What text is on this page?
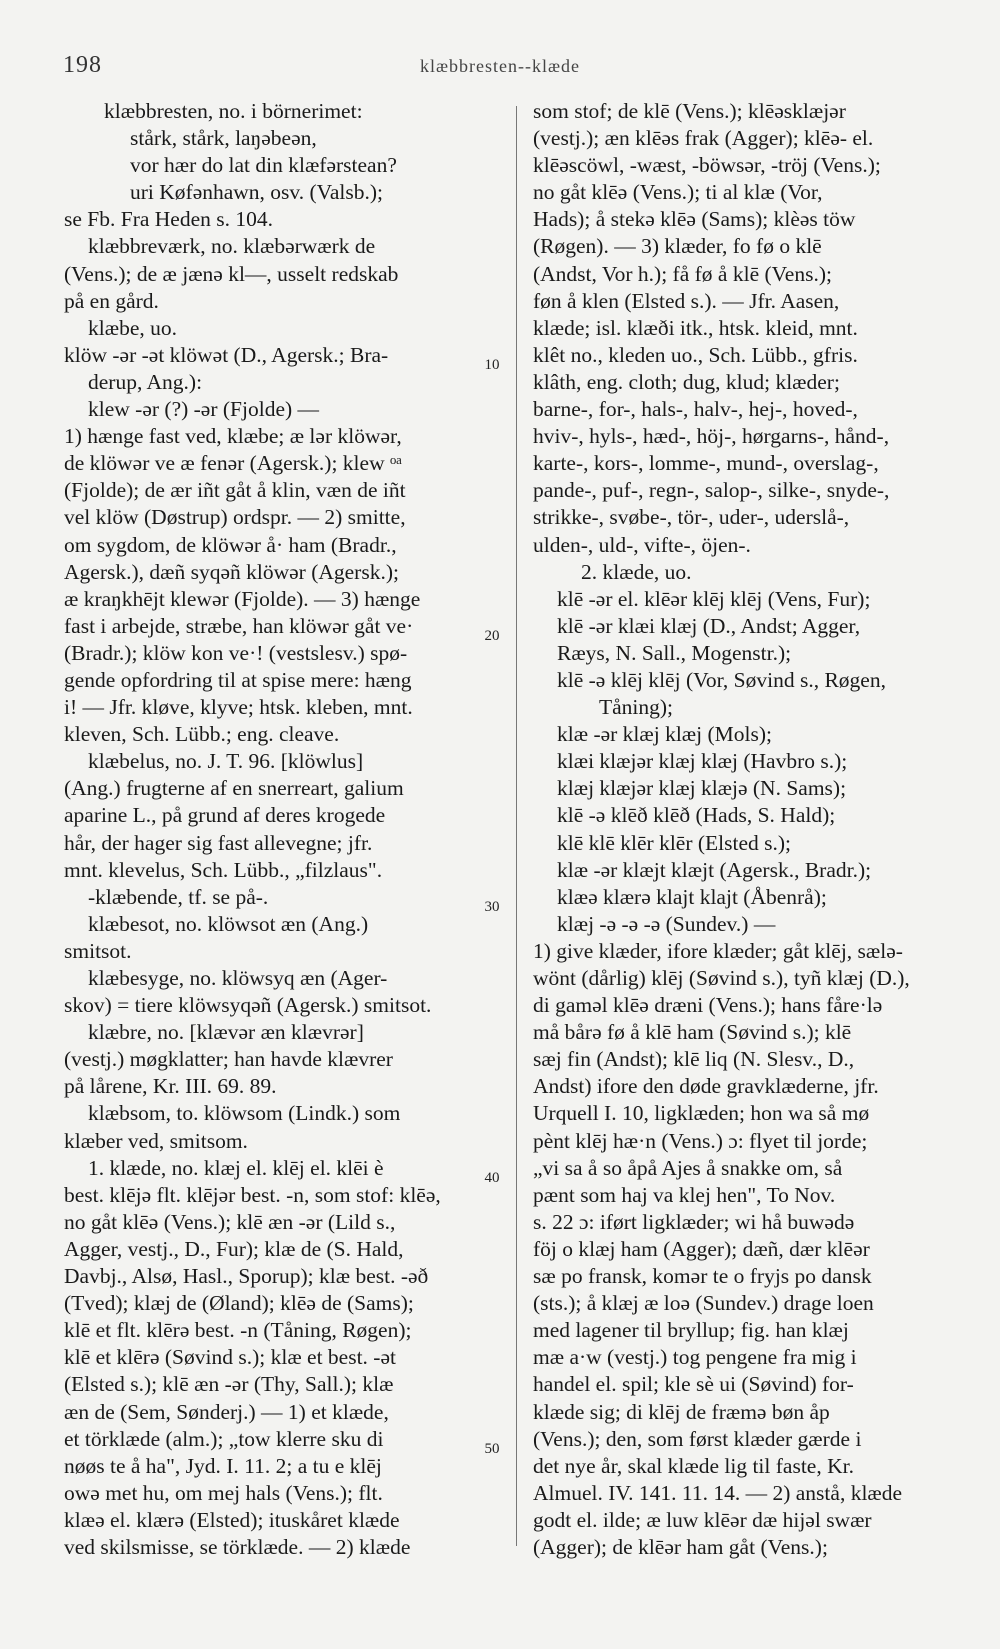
198	klæbbresten--klæde
klæbbresten, no. i börnerimet:
stårk, stårk, laŋəbeən,
vor hær do lat din klæfərstean?
uri Køfənhawn, osv. (Valsb.);
se Fb. Fra Heden s. 104.
klæbbreværk, no. klæbərwærk de
(Vens.); de æ jænə kl—, usselt redskab
på en gård.
klæbe, uo.
klöw -ər -ət klöwət (D., Agersk.; Bra-
derup, Ang.):
klew -ər (?) -ər (Fjolde) —
1) hænge fast ved, klæbe; æ lər klöwər,
de klöwər ve æ fenər (Agersk.); klew ᵒᵃ
(Fjolde); de ær iñt gåt å klin, væn de iñt
vel klöw (Døstrup) ordspr. — 2) smitte,
om sygdom, de klöwər å· ham (Bradr.,
Agersk.), dæñ syqəñ klöwər (Agersk.);
æ kraŋkhējt klewər (Fjolde). — 3) hænge
fast i arbejde, stræbe, han klöwər gåt ve·
(Bradr.); klöw kon ve·! (vestslesv.) spø-
gende opfordring til at spise mere: hæng
i! — Jfr. kløve, klyve; htsk. kleben, mnt.
kleven, Sch. Lübb.; eng. cleave.
klæbelus, no. J. T. 96. [klöwlus]
(Ang.) frugterne af en snerreart, galium
aparine L., på grund af deres krogede
hår, der hager sig fast allevegne; jfr.
mnt. klevelus, Sch. Lübb., „filzlaus".
-klæbende, tf. se på-.
klæbesot, no. klöwsot æn (Ang.)
smitsot.
klæbesyge, no. klöwsyq æn (Ager-
skov) = tiere klöwsyqəñ (Agersk.) smitsot.
klæbre, no. [klævər æn klævrər]
(vestj.) møgklatter; han havde klævrer
på lårene, Kr. III. 69. 89.
klæbsom, to. klöwsom (Lindk.) som
klæber ved, smitsom.
1. klæde, no. klæj el. klēj el. klēi è
best. klējə flt. klējər best. -n, som stof: klēə,
no gåt klēə (Vens.); klē æn -ər (Lild s.,
Agger, vestj., D., Fur); klæ de (S. Hald,
Davbj., Alsø, Hasl., Sporup); klæ best. -əð
(Tved); klæj de (Øland); klēə de (Sams);
klē et flt. klērə best. -n (Tåning, Røgen);
klē et klērə (Søvind s.); klæ et best. -ət
(Elsted s.); klē æn -ər (Thy, Sall.); klæ
æn de (Sem, Sønderj.) — 1) et klæde,
et törklæde (alm.); „tow klerre sku di
nøøs te å ha", Jyd. I. 11. 2; a tu e klēj
owə met hu, om mej hals (Vens.); flt.
klæə el. klærə (Elsted); ituskåret klæde
ved skilsmisse, se törklæde. — 2) klæde
som stof; de klē (Vens.); klēəsklæjər
(vestj.); æn klēəs frak (Agger); klēə- el.
klēəscöwl, -wæst, -böwsər, -tröj (Vens.);
no gåt klēə (Vens.); ti al klæ (Vor,
Hads); å stekə klēə (Sams); klèəs töw
(Røgen). — 3) klæder, fo fø o klē
(Andst, Vor h.); få fø å klē (Vens.);
føn å klen (Elsted s.). — Jfr. Aasen,
klæde; isl. klæði itk., htsk. kleid, mnt.
klêt no., kleden uo., Sch. Lübb., gfris.
klâth, eng. cloth; dug, klud; klæder;
barne-, for-, hals-, halv-, hej-, hoved-,
hviv-, hyls-, hæd-, höj-, hørgarns-, hånd-,
karte-, kors-, lomme-, mund-, overslag-,
pande-, puf-, regn-, salop-, silke-, snyde-,
strikke-, svøbe-, tör-, uder-, uderslå-,
ulden-, uld-, vifte-, öjen-.
2. klæde, uo.
klē -ər el. klēər klēj klēj (Vens, Fur);
klē -ər klæi klæj (D., Andst; Agger,
Ræys, N. Sall., Mogenstr.);
klē -ə klēj klēj (Vor, Søvind s., Røgen,
Tåning);
klæ -ər klæj klæj (Mols);
klæi klæjər klæj klæj (Havbro s.);
klæj klæjər klæj klæjə (N. Sams);
klē -ə klēð klēð (Hads, S. Hald);
klē klē klēr klēr (Elsted s.);
klæ -ər klæjt klæjt (Agersk., Bradr.);
klæə klærə klajt klajt (Åbenrå);
klæj -ə -ə -ə (Sundev.) —
1) give klæder, ifore klæder; gåt klēj, sælə-
wönt (dårlig) klēj (Søvind s.), tyñ klæj (D.),
di gaməl klēə dræni (Vens.); hans fåre·lə
må bårə fø å klē ham (Søvind s.); klē
sæj fin (Andst); klē liq (N. Slesv., D.,
Andst) ifore den døde gravklæderne, jfr.
Urquell I. 10, ligklæden; hon wa så mø
pènt klēj hæ·n (Vens.) ɔ: flyet til jorde;
„vi sa å so åpå Ajes å snakke om, så
pænt som haj va klej hen", To Nov.
s. 22 ɔ: iført ligklæder; wi hå buwədə
föj o klæj ham (Agger); dæñ, dær klēər
sæ po fransk, komər te o fryjs po dansk
(sts.); å klæj æ loə (Sundev.) drage loen
med lagener til bryllup; fig. han klæj
mæ a·w (vestj.) tog pengene fra mig i
handel el. spil; kle sè ui (Søvind) for-
klæde sig; di klēj de fræmə bøn åp
(Vens.); den, som først klæder gærde i
det nye år, skal klæde lig til faste, Kr.
Almuel. IV. 141. 11. 14. — 2) anstå, klæde
godt el. ilde; æ luw klēər dæ hijəl swær
(Agger); de klēər ham gåt (Vens.);
10
20
30
40
50
